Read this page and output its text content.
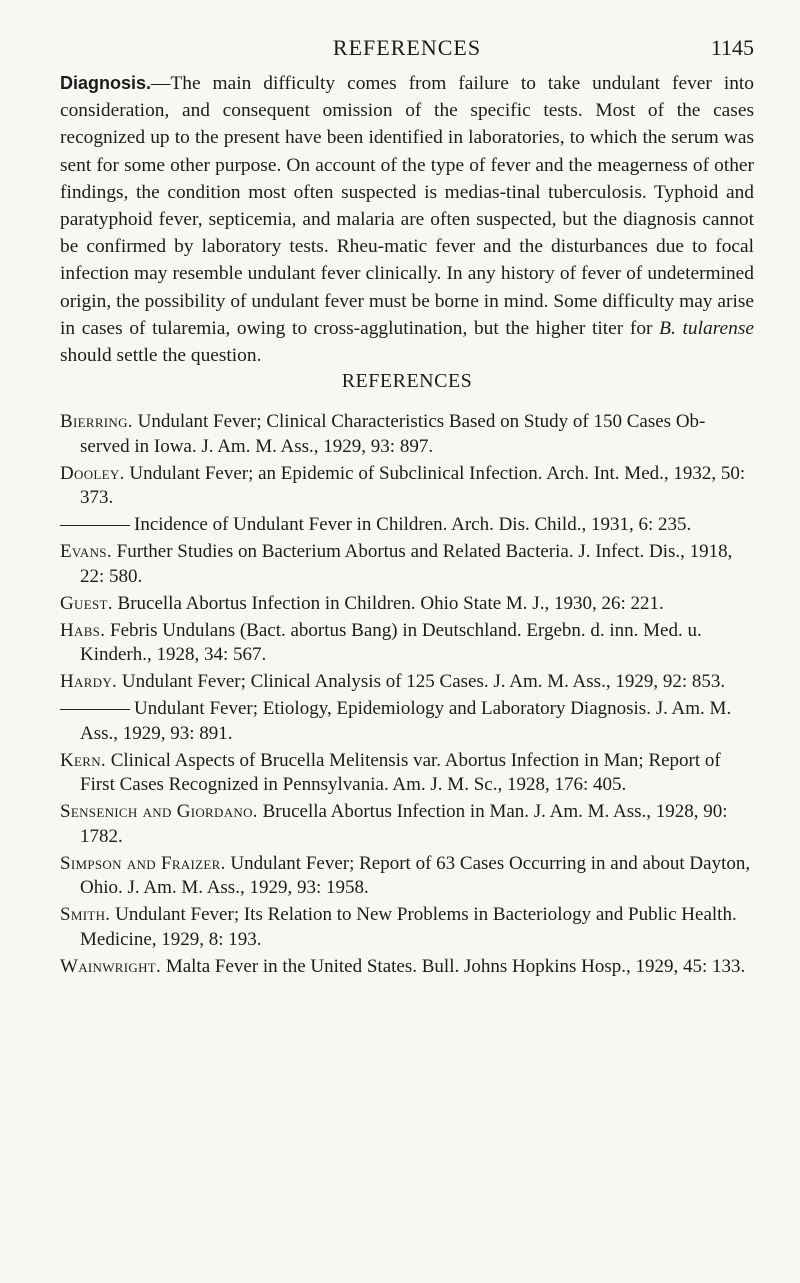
REFERENCES	1145

Diagnosis.—The main difficulty comes from failure to take undulant fever into consideration, and consequent omission of the specific tests. Most of the cases recognized up to the present have been identified in laboratories, to which the serum was sent for some other purpose. On account of the type of fever and the meagerness of other findings, the condition most often suspected is medias-tinal tuberculosis. Typhoid and paratyphoid fever, septicemia, and malaria are often suspected, but the diagnosis cannot be confirmed by laboratory tests. Rheu-matic fever and the disturbances due to focal infection may resemble undulant fever clinically. In any history of fever of undetermined origin, the possibility of undulant fever must be borne in mind. Some difficulty may arise in cases of tularemia, owing to cross-agglutination, but the higher titer for B. tularense should settle the question.

REFERENCES
Bierring. Undulant Fever; Clinical Characteristics Based on Study of 150 Cases Ob-served in Iowa. J. Am. M. Ass., 1929, 93: 897.
Dooley. Undulant Fever; an Epidemic of Subclinical Infection. Arch. Int. Med., 1932, 50: 373.
Incidence of Undulant Fever in Children. Arch. Dis. Child., 1931, 6: 235.
Evans. Further Studies on Bacterium Abortus and Related Bacteria. J. Infect. Dis., 1918, 22: 580.
Guest. Brucella Abortus Infection in Children. Ohio State M. J., 1930, 26: 221.
Habs. Febris Undulans (Bact. abortus Bang) in Deutschland. Ergebn. d. inn. Med. u. Kinderh., 1928, 34: 567.
Hardy. Undulant Fever; Clinical Analysis of 125 Cases. J. Am. M. Ass., 1929, 92: 853.
Undulant Fever; Etiology, Epidemiology and Laboratory Diagnosis. J. Am. M. Ass., 1929, 93: 891.
Kern. Clinical Aspects of Brucella Melitensis var. Abortus Infection in Man; Report of First Cases Recognized in Pennsylvania. Am. J. M. Sc., 1928, 176: 405.
Sensenich and Giordano. Brucella Abortus Infection in Man. J. Am. M. Ass., 1928, 90: 1782.
Simpson and Fraizer. Undulant Fever; Report of 63 Cases Occurring in and about Dayton, Ohio. J. Am. M. Ass., 1929, 93: 1958.
Smith. Undulant Fever; Its Relation to New Problems in Bacteriology and Public Health. Medicine, 1929, 8: 193.
Wainwright. Malta Fever in the United States. Bull. Johns Hopkins Hosp., 1929, 45: 133.
